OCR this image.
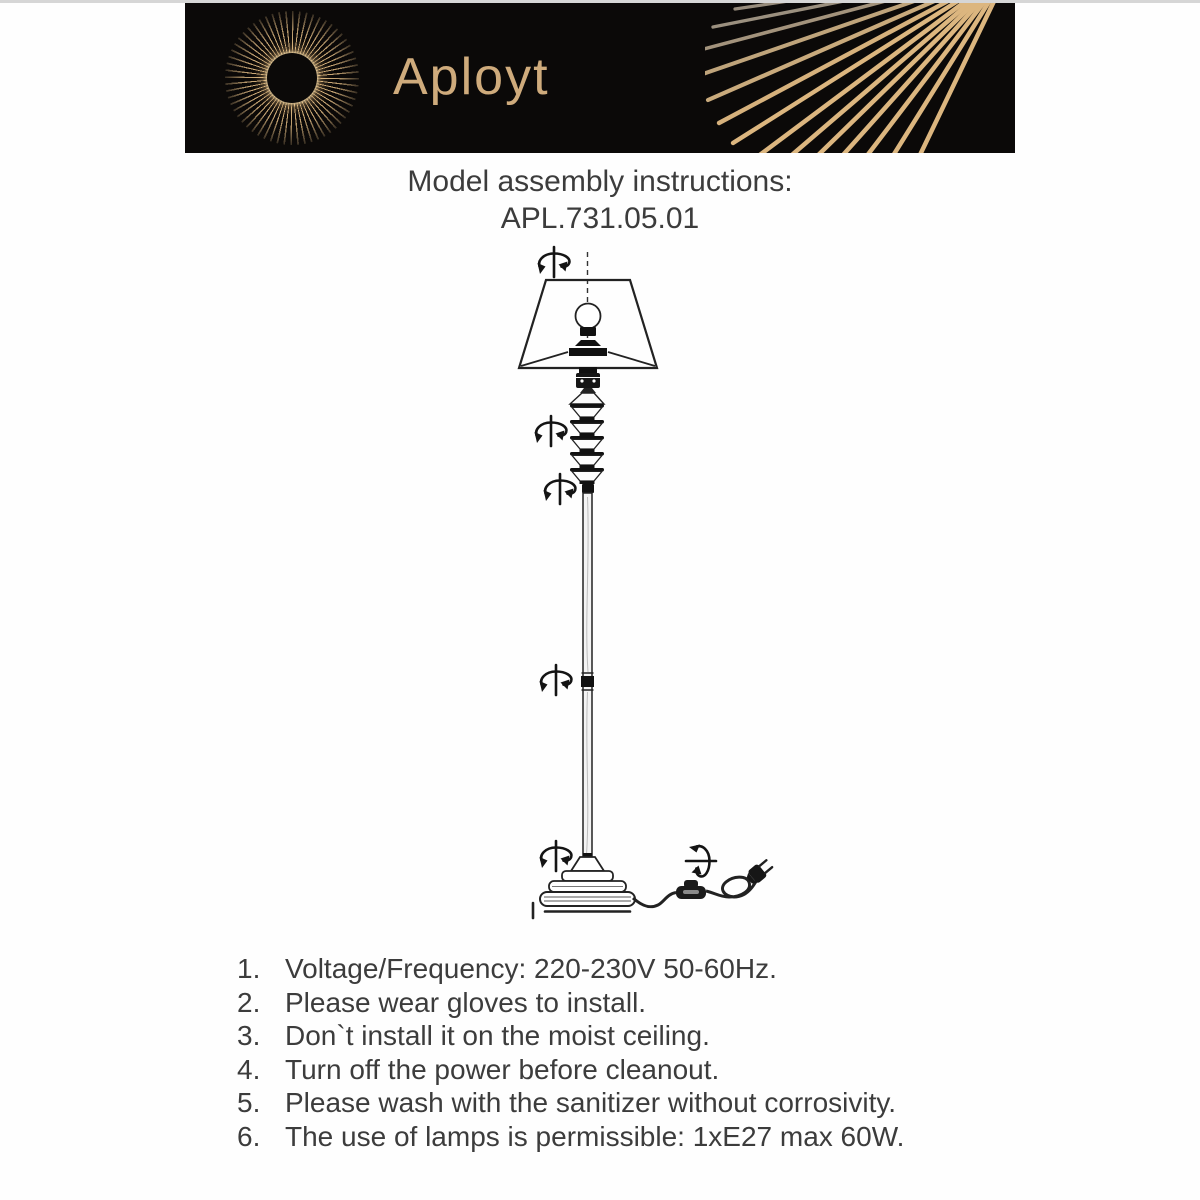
Aployt
Model assembly instructions:
APL.731.05.01
1. Voltage/Frequency: 220-230V 50-60Hz.
2. Please wear gloves to install.
3. Don`t install it on the moist ceiling.
4. Turn off the power before cleanout.
5. Please wash with the sanitizer without corrosivity.
6. The use of lamps is permissible: 1xE27 max 60W.
